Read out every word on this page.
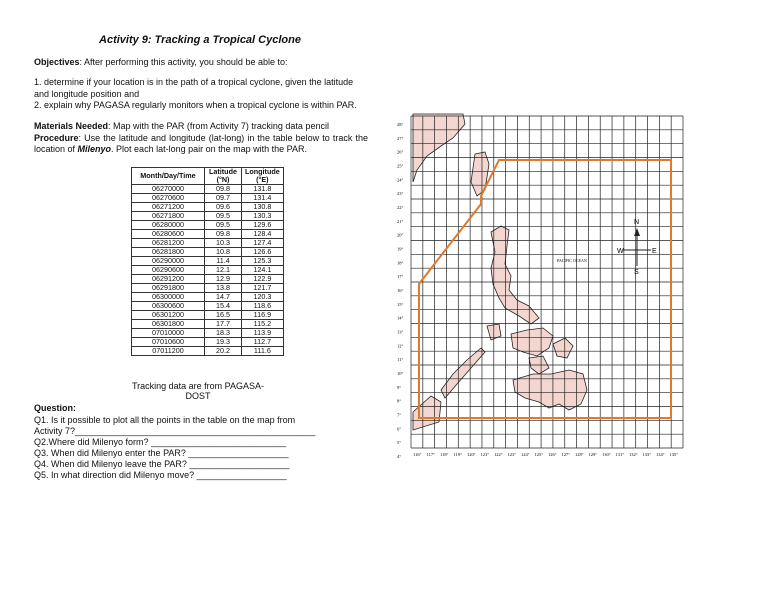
Activity 9: Tracking a Tropical Cyclone
Objectives: After performing this activity, you should be able to:
1. determine if your location is in the path of a tropical cyclone, given the latitude and longitude position and
2. explain why PAGASA regularly monitors when a tropical cyclone is within PAR.
Materials Needed: Map with the PAR (from Activity 7) tracking data pencil
Procedure: Use the latitude and longitude (lat-long) in the table below to track the location of Milenyo. Plot each lat-long pair on the map with the PAR.
Month/Day/Time	Latitude (°N)	Longitude (°E)
06270000	09.8	131.8
06270600	09.7	131.4
06271200	09.6	130.8
06271800	09.5	130.3
06280000	09.5	129.6
06280600	09.8	128.4
06281200	10.3	127.4
06281800	10.8	126.6
06290000	11.4	125.3
06290600	12.1	124.1
06291200	12.9	122.9
06291800	13.8	121.7
06300000	14.7	120.3
06300600	15.4	118.6
06301200	16.5	116.9
06301800	17.7	115.2
07010000	18.3	113.9
07010600	19.3	112.7
07011200	20.2	111.6
Tracking data are from PAGASA-DOST
Question:
Q1. Is it possible to plot all the points in the table on the map from Activity 7?________________________________________________
Q2.Where did Milenyo form? ___________________________
Q3. When did Milenyo enter the PAR? ____________________
Q4. When did Milenyo leave the PAR? ____________________
Q5. In what direction did Milenyo move? __________________
28°
27°
26°
25°
24°
23°
22°
21°
20°
19°
18°
17°
16°
15°
14°
13°
12°
11°
10°
9°
8°
7°
6°
5°
4°	116° 117° 118° 119° 120° 121° 122° 123° 124° 125° 126° 127° 128° 129° 130° 131° 132° 133° 134° 135°
PACIFIC OCEAN
N
S
W	E
